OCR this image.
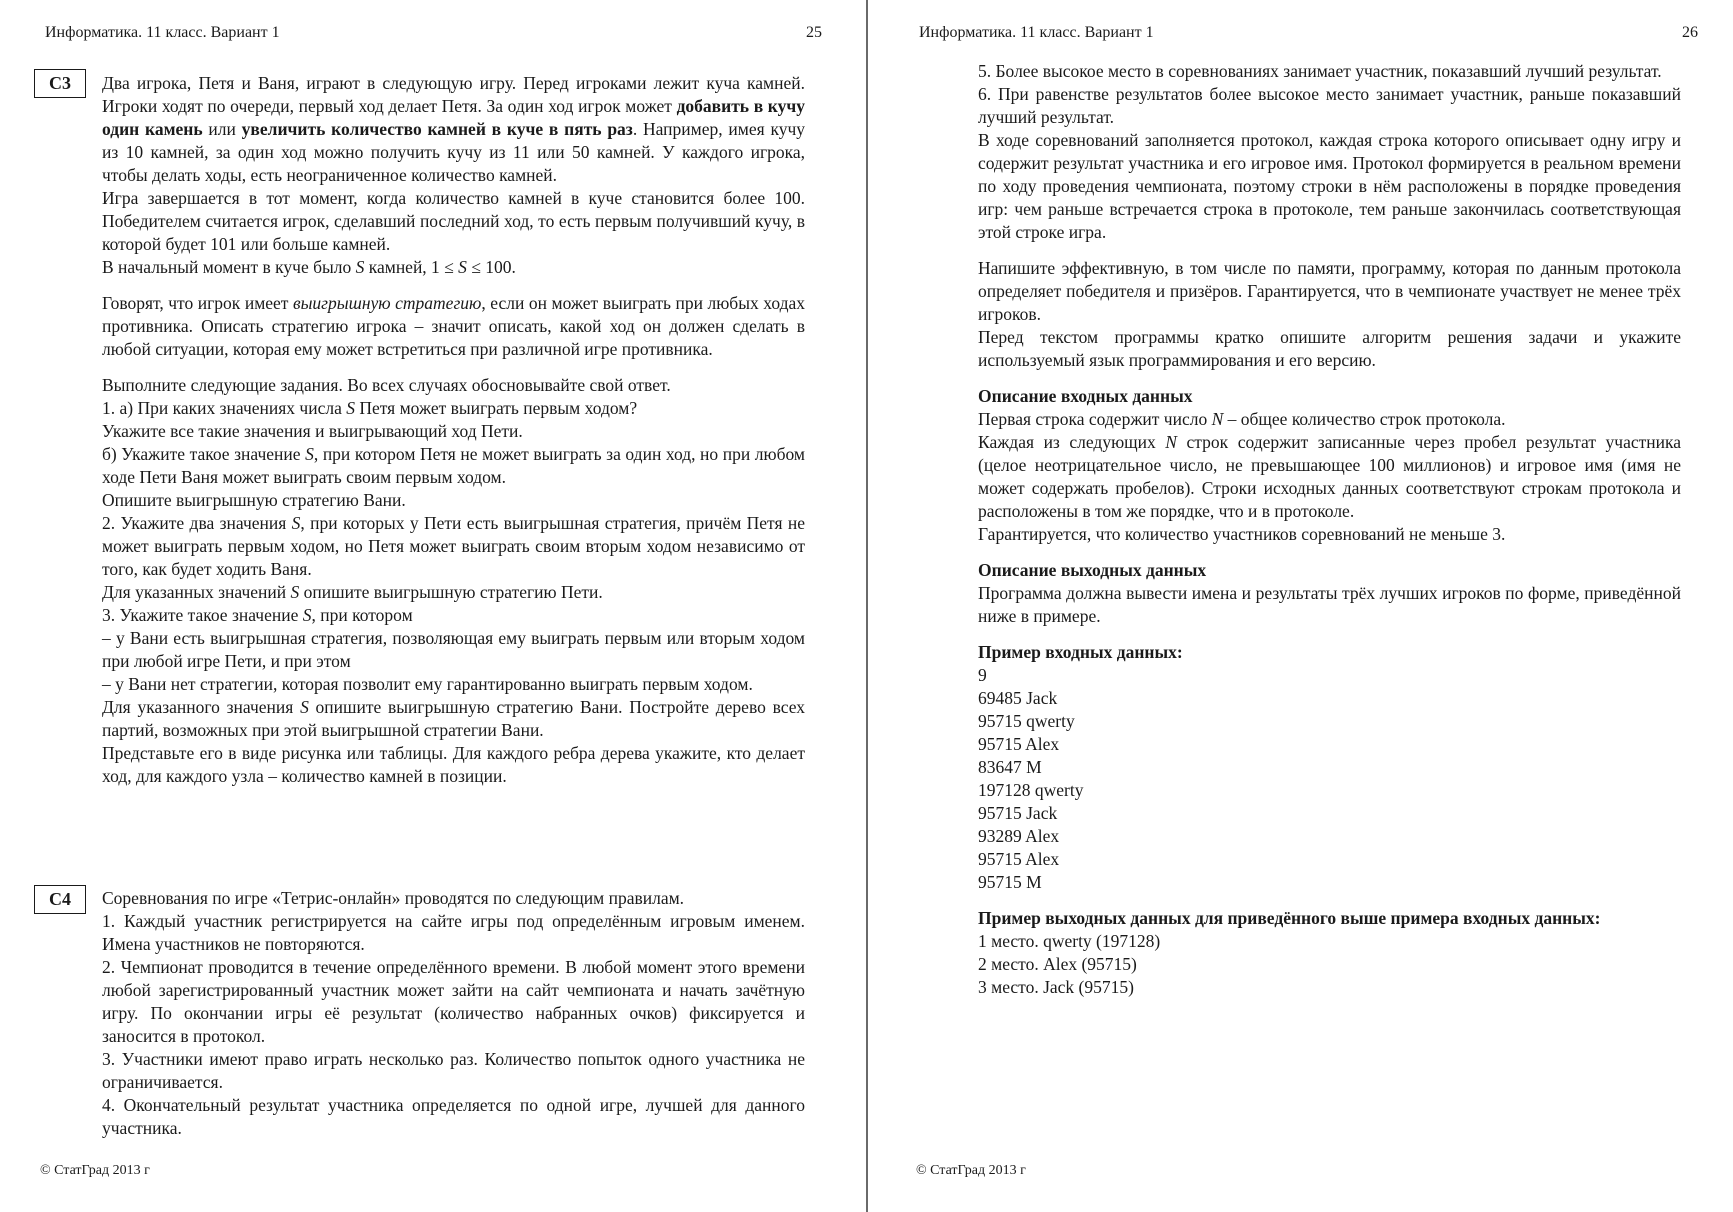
Информатика. 11 класс. Вариант 1	25
C3	Два игрока, Петя и Ваня, играют в следующую игру. Перед игроками лежит куча камней. Игроки ходят по очереди, первый ход делает Петя. За один ход игрок может добавить в кучу один камень или увеличить количество камней в куче в пять раз. Например, имея кучу из 10 камней, за один ход можно получить кучу из 11 или 50 камней. У каждого игрока, чтобы делать ходы, есть неограниченное количество камней.

Игра завершается в тот момент, когда количество камней в куче становится более 100. Победителем считается игрок, сделавший последний ход, то есть первым получивший кучу, в которой будет 101 или больше камней.

В начальный момент в куче было S камней, 1 ≤ S ≤ 100.

Говорят, что игрок имеет выигрышную стратегию, если он может выиграть при любых ходах противника. Описать стратегию игрока – значит описать, какой ход он должен сделать в любой ситуации, которая ему может встретиться при различной игре противника.

Выполните следующие задания. Во всех случаях обосновывайте свой ответ.

1. а) При каких значениях числа S Петя может выиграть первым ходом?

Укажите все такие значения и выигрывающий ход Пети.

б) Укажите такое значение S, при котором Петя не может выиграть за один ход, но при любом ходе Пети Ваня может выиграть своим первым ходом.

Опишите выигрышную стратегию Вани.

2. Укажите два значения S, при которых у Пети есть выигрышная стратегия, причём Петя не может выиграть первым ходом, но Петя может выиграть своим вторым ходом независимо от того, как будет ходить Ваня.

Для указанных значений S опишите выигрышную стратегию Пети.

3. Укажите такое значение S, при котором

– у Вани есть выигрышная стратегия, позволяющая ему выиграть первым или вторым ходом при любой игре Пети, и при этом

– у Вани нет стратегии, которая позволит ему гарантированно выиграть первым ходом.

Для указанного значения S опишите выигрышную стратегию Вани. Постройте дерево всех партий, возможных при этой выигрышной стратегии Вани.

Представьте его в виде рисунка или таблицы. Для каждого ребра дерева укажите, кто делает ход, для каждого узла – количество камней в позиции.

C4	Соревнования по игре «Тетрис-онлайн» проводятся по следующим правилам.

1. Каждый участник регистрируется на сайте игры под определённым игровым именем. Имена участников не повторяются.

2. Чемпионат проводится в течение определённого времени. В любой момент этого времени любой зарегистрированный участник может зайти на сайт чемпионата и начать зачётную игру. По окончании игры её результат (количество набранных очков) фиксируется и заносится в протокол.

3. Участники имеют право играть несколько раз. Количество попыток одного участника не ограничивается.

4. Окончательный результат участника определяется по одной игре, лучшей для данного участника.

© СтатГрад 2013 г
Информатика. 11 класс. Вариант 1	26

5. Более высокое место в соревнованиях занимает участник, показавший лучший результат.

6. При равенстве результатов более высокое место занимает участник, раньше показавший лучший результат.

В ходе соревнований заполняется протокол, каждая строка которого описывает одну игру и содержит результат участника и его игровое имя. Протокол формируется в реальном времени по ходу проведения чемпионата, поэтому строки в нём расположены в порядке проведения игр: чем раньше встречается строка в протоколе, тем раньше закончилась соответствующая этой строке игра.

Напишите эффективную, в том числе по памяти, программу, которая по данным протокола определяет победителя и призёров. Гарантируется, что в чемпионате участвует не менее трёх игроков.

Перед текстом программы кратко опишите алгоритм решения задачи и укажите используемый язык программирования и его версию.

Описание входных данных

Первая строка содержит число N – общее количество строк протокола.

Каждая из следующих N строк содержит записанные через пробел результат участника (целое неотрицательное число, не превышающее 100 миллионов) и игровое имя (имя не может содержать пробелов). Строки исходных данных соответствуют строкам протокола и расположены в том же порядке, что и в протоколе.

Гарантируется, что количество участников соревнований не меньше 3.

Описание выходных данных

Программа должна вывести имена и результаты трёх лучших игроков по форме, приведённой ниже в примере.

Пример входных данных:

9

69485 Jack

95715 qwerty

95715 Alex

83647 M

197128 qwerty

95715 Jack

93289 Alex

95715 Alex

95715 M

Пример выходных данных для приведённого выше примера входных данных:

1 место. qwerty (197128)

2 место. Alex (95715)

3 место. Jack (95715)

© СтатГрад 2013 г
